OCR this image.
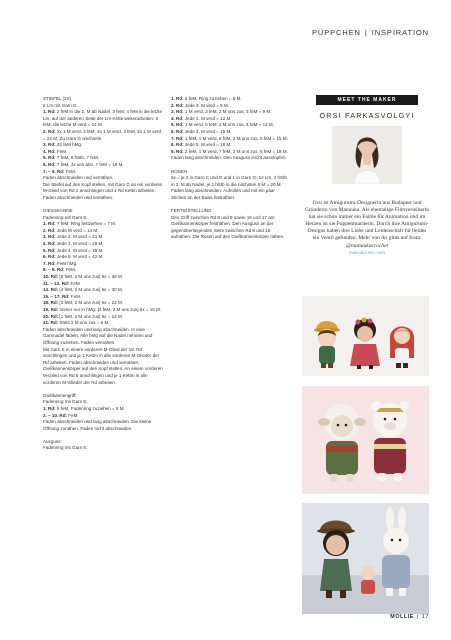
PÜPPCHEN | INSPIRATION

STIEFEL (2X)

6 Lm mit Garn D.

1. Rd: 2 feM in die 2. M ab Nadel, 3 feM, 4 feM in die letzte Lm, auf der anderen Seite der Lm-Kette weiterarbeiten: 3 feM, die letzte M verd = 14 M.

2. Rd: 2x 1 M verd, 3 feM, 4x 1 M verd, 3 feM, 2x 1 M verd = 22 M. Zu Garn G wechseln.

3. Rd: 22 feM hMg.

4. Rd: FeM.

5. Rd: 7 feM, 8 hStb, 7 feM.

6. Rd: 7 feM, 4x uns abn, 7 feM = 18 M.

7. – 9. Rd: FeM.

Faden abschneiden und vernähen.

Die Stiefel auf den Kopf stellen, mit Garn D an ein vorderes M-Glied von Rd 2 anschlingen und 1 Rd Kettm arbeiten. Faden abschneiden und vernähen.

GIESSKANNE

Fadenring mit Garn E.

1. Rd: 7 feM, Ring festziehen = 7 M.

2. Rd: Jede M verd = 14 M.

3. Rd: Jede 2. M verd = 21 M.

4. Rd: Jede 3. M verd = 28 M.

5. Rd: Jede 4. M verd = 35 M.

6. Rd: Jede 5. M verd = 42 M.

7. Rd: FeM hMg.

8. – 9. Rd: FeM.

10. Rd: [5 feM, 2 M uns zus] 6x = 36 M.

11. – 13. Rd: FeM

14. Rd: [4 feM, 2 M uns zus] 6x = 30 M.

15. – 17. Rd: FeM.

18. Rd: [3 feM, 2 M uns zus] 6x = 24 M.

19. Rd: Immer nur in hMg: [2 feM, 2 M uns zus] 6x = 18 M.

20. Rd: [1 feM, 2 M uns zus] 6x = 12 M.

21. Rd: Stets 2 M uns zus = 6 M.

Faden abschneiden und lang abschneiden. In eine Garnnadel fädeln. Alle hMg auf die Nadel nehmen und Öffnung zuziehen. Faden vernähen.

Mit Garn E in einem vorderen M-Glied der 18. Rd anschlingen und je 1 Kettm in alle vorderen M-Glieder der Rd arbeiten. Faden abschneiden und vernähen. Gießkannenkörper auf den Kopf stellen. An einem vorderen M-Glied von Rd 6 anschlingen und je 1 Kettm in alle vorderen M-Glieder der Rd arbeiten.

Gießkannengriff:

Fadenring mit Garn E.

1. Rd: 5 feM, Fadenring zuziehen = 5 M.

2. – 10. Rd: FeM

Faden abschneiden und lang abschneiden. Die kleine Öffnung zunähen. Faden nicht abschneiden.

Ausguss:

Fadenring mit Garn E.

1. Rd: 6 feM, Ring zuziehen = 6 M.

2. Rd: Jede 3. M verd = 9 M.

3. Rd: 1 M verd, 3 feM, 2 M uns zus, 3 feM = 9 M.

4. Rd: Jede 3. M verd = 12 M.

5. Rd: 1 M verd, 5 feM, 2 M uns zus, 4 feM = 12 M.

6. Rd: Jede 4. M verd = 15 M.

7. Rd: 1 feM, 1 M verd, 6 feM, 2 M uns zus, 5 feM = 15 M.

8. Rd: Jede 5. M verd = 18 M.

9. Rd: 2 feM, 1 M verd, 7 feM, 2 M uns zus, 6 feM = 18 M.

Faden lang abschneiden. Den Ausguss leicht ausstopfen.

ROSEN

5x = je 2 in Garn C und D und 1 in Garn G: 12 Lm, 2 hStb in 3. M ab Nadel, je 2 hStb in die nächsten 9 M = 20 M.

Faden lang abschneiden. Aufrollen und mit ein paar Stichen an der Basis festnähen.

FERTIGSTELLUNG

Den Griff zwischen Rd 8 und 9 sowie 16 und 17 am Gießkannenkörper festnähen. Den Ausguss an der gegenüberliegenden Seite zwischen Rd 8 und 16 aufnähen. Die Rosen auf den Gießkannenkörper nähen.

MEET THE MAKER
ORSI FARKASVOLGYI

Orsi ist Amigurumi-Designerin aus Budapest und Gründerin von Manuuka. Als ehemalige Filmverleiherin hat sie schon immer ein Faible für Animation und im Herzen ist sie Puppenmacherin. Durch ihre Amigurumi-Designs haben ihre Liebe und Leidenschaft für beides ein Ventil gefunden. Mehr von ihr gibts auf Insta:

@manuukacrochet

manuuka.etsy.com

MOLLIE | 17
